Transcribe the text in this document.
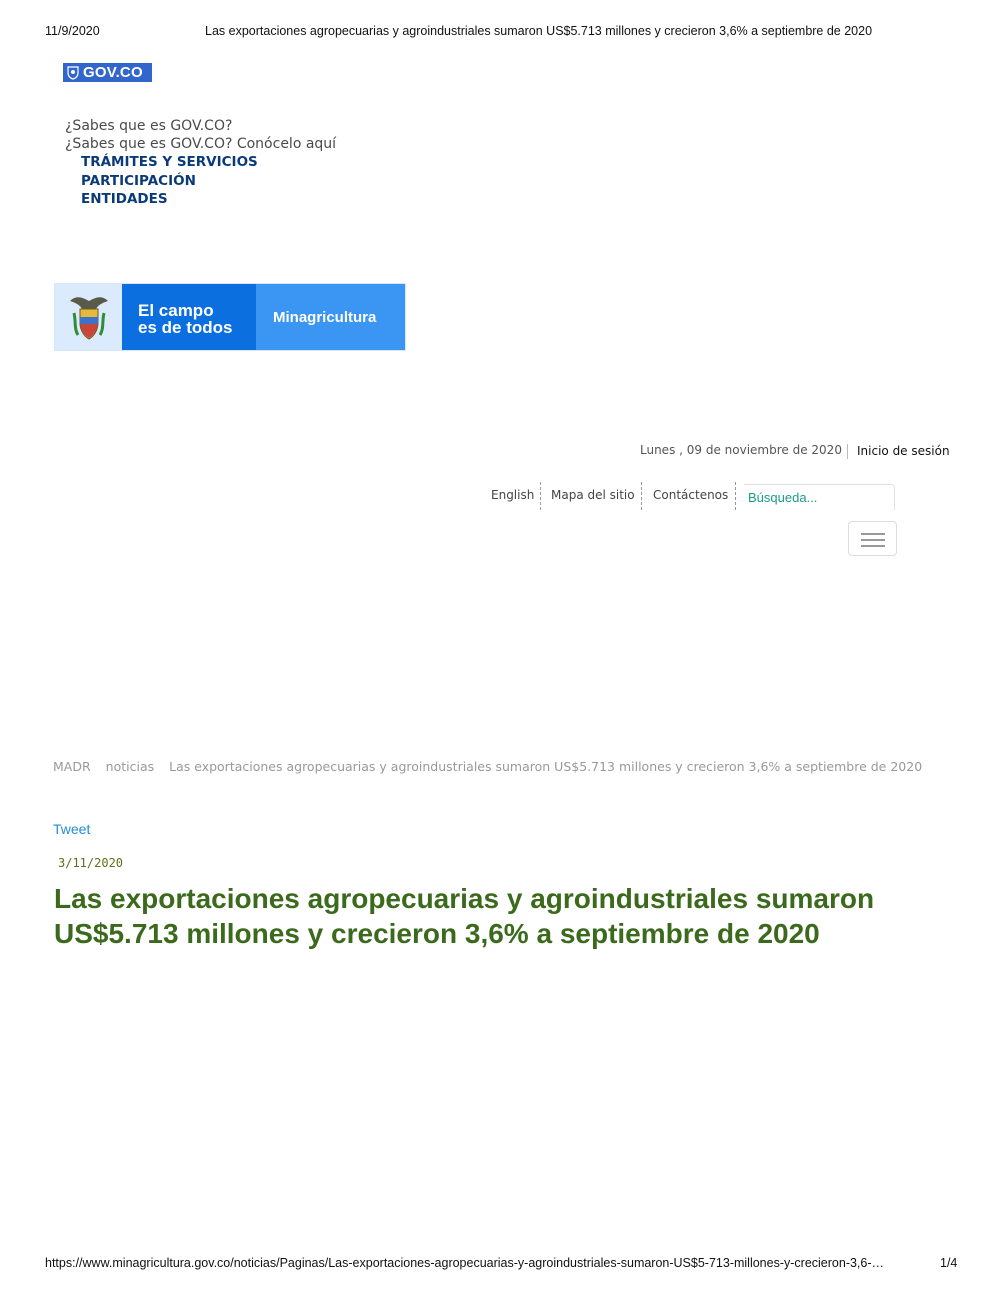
11/9/2020	Las exportaciones agropecuarias y agroindustriales sumaron US$5.713 millones y crecieron 3,6% a septiembre de 2020
GOV.CO
¿Sabes que es GOV.CO?
¿Sabes que es GOV.CO? Conócelo aquí
TRÁMITES Y SERVICIOS
PARTICIPACIÓN
ENTIDADES
El campo
es de todos
Minagricultura
Lunes , 09 de noviembre de 2020 Inicio de sesión
English Mapa del sitio Contáctenos	Búsqueda...
MADR noticias Las exportaciones agropecuarias y agroindustriales sumaron US$5.713 millones y crecieron 3,6% a septiembre de 2020
Tweet
3/11/2020
Las exportaciones agropecuarias y agroindustriales sumaron US$5.713 millones y crecieron 3,6% a septiembre de 2020
https://www.minagricultura.gov.co/noticias/Paginas/Las-exportaciones-agropecuarias-y-agroindustriales-sumaron-US$5-713-millones-y-crecieron-3,6-…	1/4
